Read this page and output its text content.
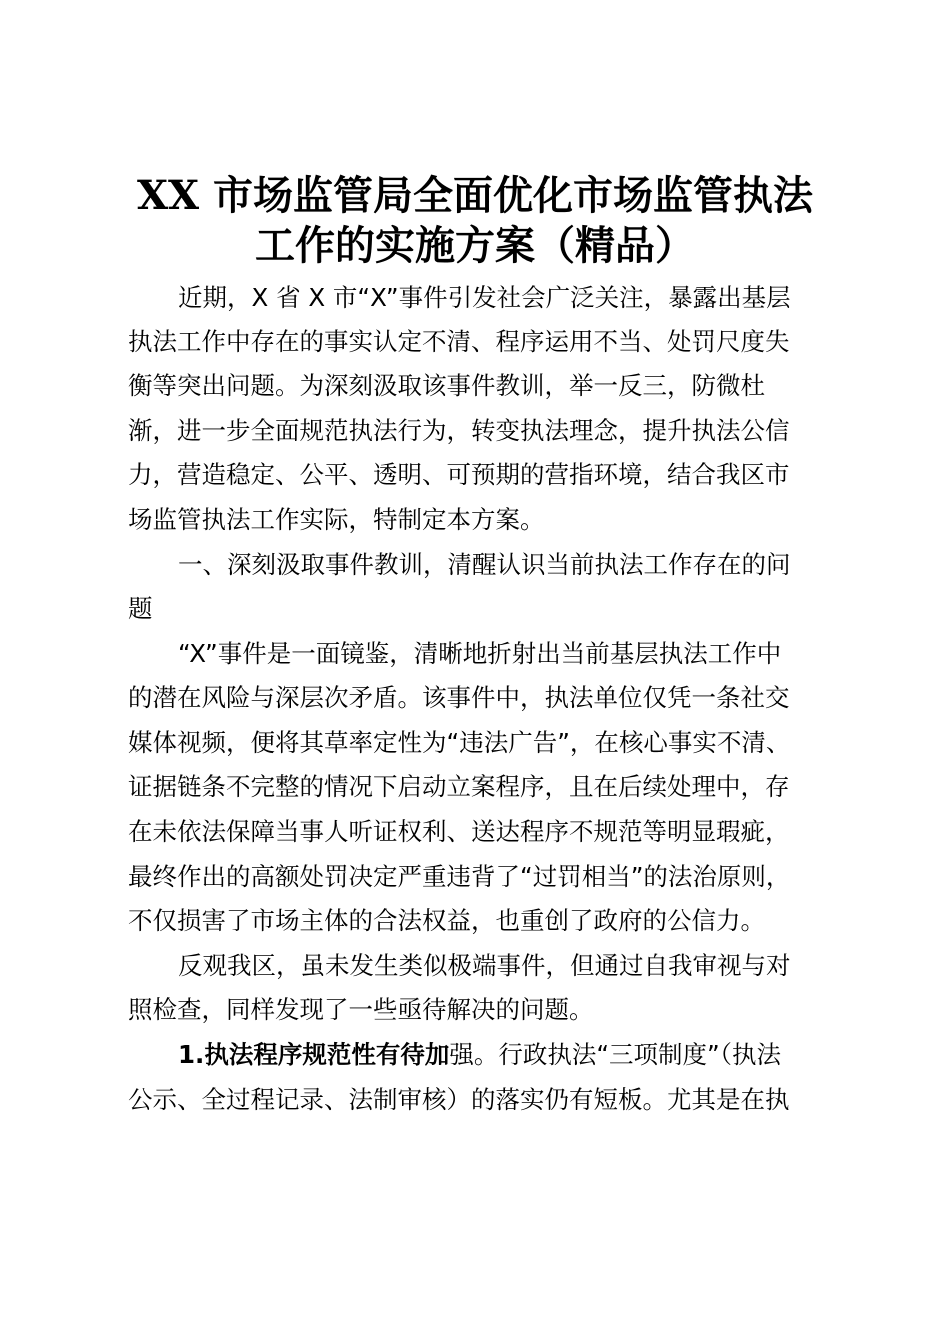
XX 市场监管局全面优化市场监管执法
工作的实施方案（精品）
近期，X 省 X 市“X”事件引发社会广泛关注，暴露出基层
执法工作中存在的事实认定不清、程序运用不当、处罚尺度失
衡等突出问题。为深刻汲取该事件教训，举一反三，防微杜
渐，进一步全面规范执法行为，转变执法理念，提升执法公信
力，营造稳定、公平、透明、可预期的营指环境，结合我区市
场监管执法工作实际，特制定本方案。
一、深刻汲取事件教训，清醒认识当前执法工作存在的问
题
“X”事件是一面镜鉴，清晰地折射出当前基层执法工作中
的潜在风险与深层次矛盾。该事件中，执法单位仅凭一条社交
媒体视频，便将其草率定性为“违法广告”，在核心事实不清、
证据链条不完整的情况下启动立案程序，且在后续处理中，存
在未依法保障当事人听证权利、送达程序不规范等明显瑕疵，
最终作出的高额处罚决定严重违背了“过罚相当”的法治原则，
不仅损害了市场主体的合法权益，也重创了政府的公信力。
反观我区，虽未发生类似极端事件，但通过自我审视与对
照检查，同样发现了一些亟待解决的问题。
1.执法程序规范性有待加强。行政执法“三项制度”（执法
公示、全过程记录、法制审核）的落实仍有短板。尤其是在执
